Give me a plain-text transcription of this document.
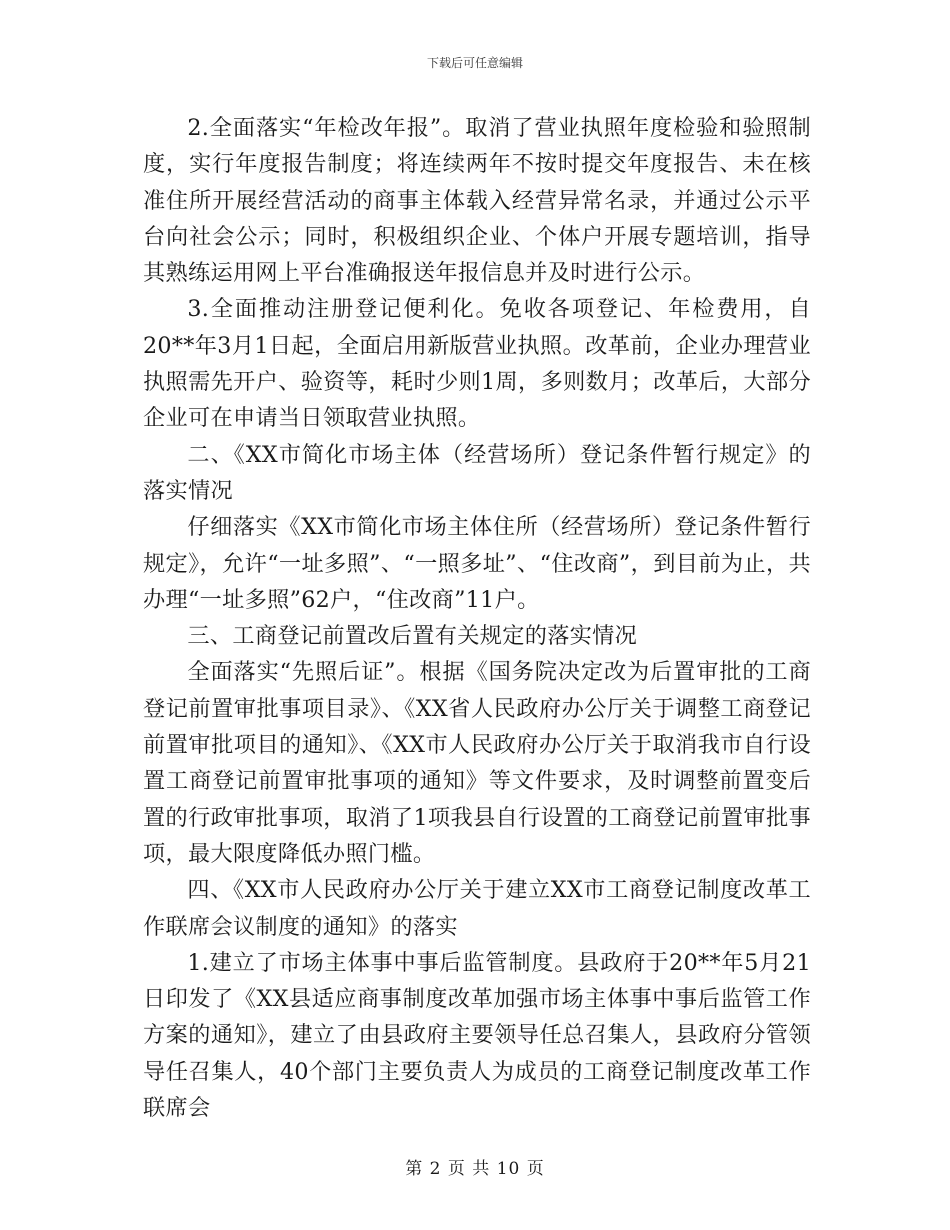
下载后可任意编辑

2.全面落实“年检改年报”。取消了营业执照年度检验和验照制度，实行年度报告制度；将连续两年不按时提交年度报告、未在核准住所开展经营活动的商事主体载入经营异常名录，并通过公示平台向社会公示；同时，积极组织企业、个体户开展专题培训，指导其熟练运用网上平台准确报送年报信息并及时进行公示。

3.全面推动注册登记便利化。免收各项登记、年检费用，自20**年3月1日起，全面启用新版营业执照。改革前，企业办理营业执照需先开户、验资等，耗时少则1周，多则数月；改革后，大部分企业可在申请当日领取营业执照。

二、《XX市简化市场主体（经营场所）登记条件暂行规定》的落实情况

仔细落实《XX市简化市场主体住所（经营场所）登记条件暂行规定》，允许“一址多照”、“一照多址”、“住改商”，到目前为止，共办理“一址多照”62户，“住改商”11户。

三、工商登记前置改后置有关规定的落实情况

全面落实“先照后证”。根据《国务院决定改为后置审批的工商登记前置审批事项目录》、《XX省人民政府办公厅关于调整工商登记前置审批项目的通知》、《XX市人民政府办公厅关于取消我市自行设置工商登记前置审批事项的通知》等文件要求，及时调整前置变后置的行政审批事项，取消了1项我县自行设置的工商登记前置审批事项，最大限度降低办照门槛。

四、《XX市人民政府办公厅关于建立XX市工商登记制度改革工作联席会议制度的通知》的落实

1.建立了市场主体事中事后监管制度。县政府于20**年5月21日印发了《XX县适应商事制度改革加强市场主体事中事后监管工作方案的通知》，建立了由县政府主要领导任总召集人，县政府分管领导任召集人，40个部门主要负责人为成员的工商登记制度改革工作联席会

第 2 页 共 10 页
